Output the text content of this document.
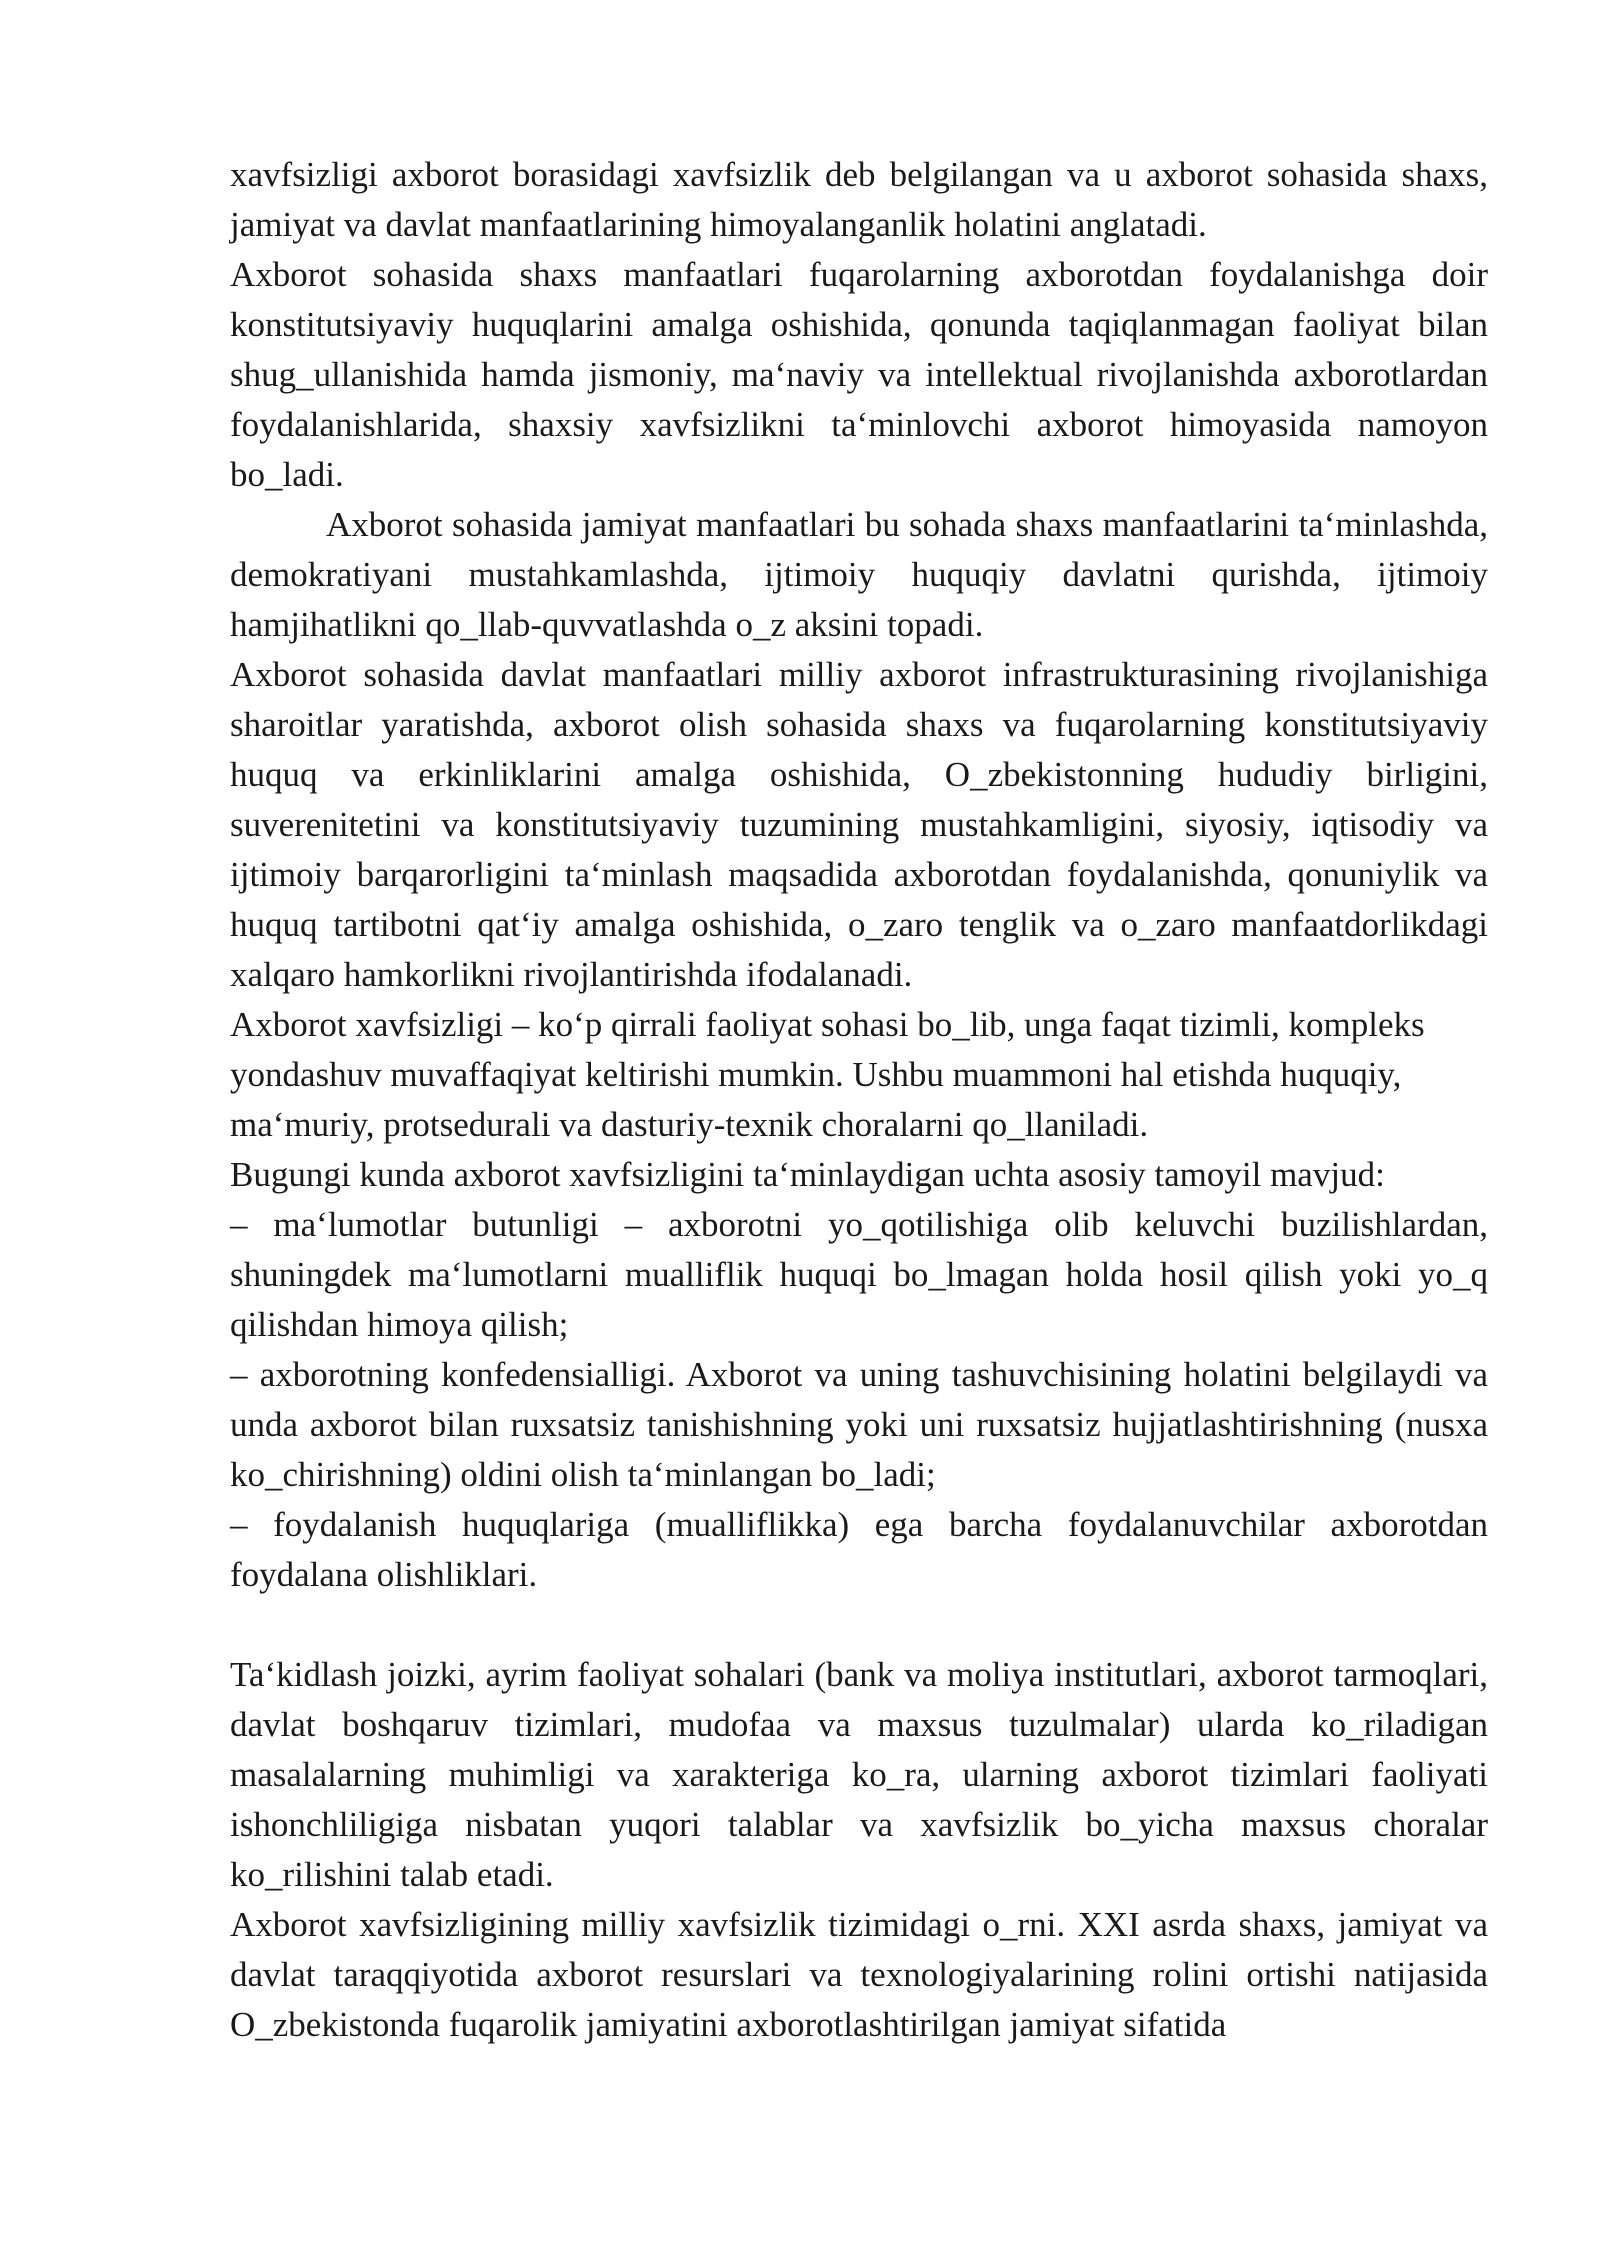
xavfsizligi axborot borasidagi xavfsizlik deb belgilangan va u axborot sohasida shaxs, jamiyat va davlat manfaatlarining himoyalanganlik holatini anglatadi.

Axborot sohasida shaxs manfaatlari fuqarolarning axborotdan foydalanishga doir konstitutsiyaviy huquqlarini amalga oshishida, qonunda taqiqlanmagan faoliyat bilan shug_ullanishida hamda jismoniy, ma‘naviy va intellektual rivojlanishda axborotlardan foydalanishlarida, shaxsiy xavfsizlikni ta‘minlovchi axborot himoyasida namoyon bo_ladi.

Axborot sohasida jamiyat manfaatlari bu sohada shaxs manfaatlarini ta‘minlashda, demokratiyani mustahkamlashda, ijtimoiy huquqiy davlatni qurishda, ijtimoiy hamjihatlikni qo_llab-quvvatlashda o_z aksini topadi.

Axborot sohasida davlat manfaatlari milliy axborot infrastrukturasining rivojlanishiga sharoitlar yaratishda, axborot olish sohasida shaxs va fuqarolarning konstitutsiyaviy huquq va erkinliklarini amalga oshishida, O_zbekistonning hududiy birligini, suverenitetini va konstitutsiyaviy tuzumining mustahkamligini, siyosiy, iqtisodiy va ijtimoiy barqarorligini ta‘minlash maqsadida axborotdan foydalanishda, qonuniylik va huquq tartibotni qat‘iy amalga oshishida, o_zaro tenglik va o_zaro manfaatdorlikdagi xalqaro hamkorlikni rivojlantirishda ifodalanadi.

Axborot xavfsizligi – ko‘p qirrali faoliyat sohasi bo_lib, unga faqat tizimli, kompleks yondashuv muvaffaqiyat keltirishi mumkin. Ushbu muammoni hal etishda huquqiy, ma‘muriy, protsedurali va dasturiy-texnik choralarni qo_llaniladi.

Bugungi kunda axborot xavfsizligini ta‘minlaydigan uchta asosiy tamoyil mavjud:

– ma‘lumotlar butunligi – axborotni yo_qotilishiga olib keluvchi buzilishlardan, shuningdek ma‘lumotlarni mualliflik huquqi bo_lmagan holda hosil qilish yoki yo_q qilishdan himoya qilish;

– axborotning konfedensialligi. Axborot va uning tashuvchisining holatini belgilaydi va unda axborot bilan ruxsatsiz tanishishning yoki uni ruxsatsiz hujjatlashtirishning (nusxa ko_chirishning) oldini olish ta‘minlangan bo_ladi;

– foydalanish huquqlariga (mualliflikka) ega barcha foydalanuvchilar axborotdan foydalana olishliklari.

Ta‘kidlash joizki, ayrim faoliyat sohalari (bank va moliya institutlari, axborot tarmoqlari, davlat boshqaruv tizimlari, mudofaa va maxsus tuzulmalar) ularda ko_riladigan masalalarning muhimligi va xarakteriga ko_ra, ularning axborot tizimlari faoliyati ishonchliligiga nisbatan yuqori talablar va xavfsizlik bo_yicha maxsus choralar ko_rilishini talab etadi.

Axborot xavfsizligining milliy xavfsizlik tizimidagi o_rni. XXI asrda shaxs, jamiyat va davlat taraqqiyotida axborot resurslari va texnologiyalarining rolini ortishi natijasida O_zbekistonda fuqarolik jamiyatini axborotlashtirilgan jamiyat sifatida
